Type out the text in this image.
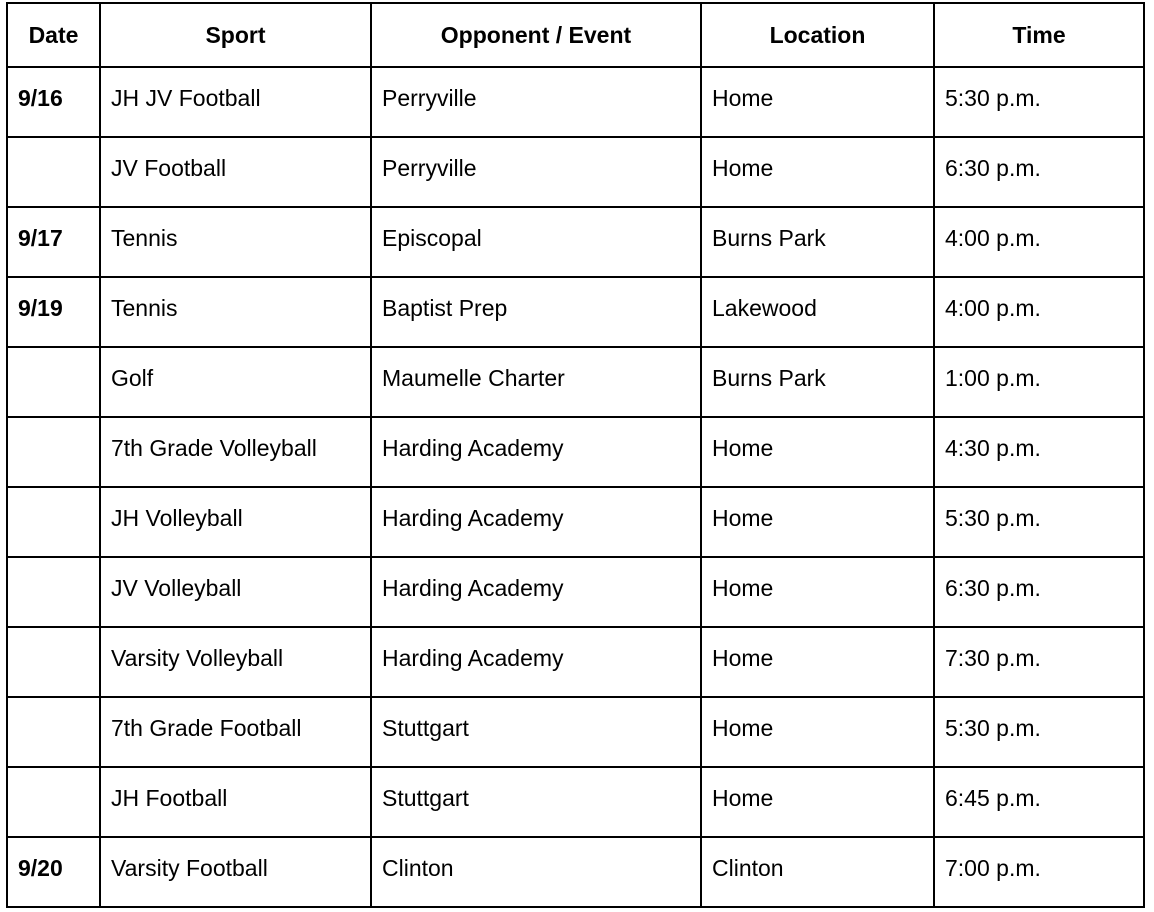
Date	Sport	Opponent / Event	Location	Time
9/16	JH JV Football	Perryville	Home	5:30 p.m.
	JV Football	Perryville	Home	6:30 p.m.
9/17	Tennis	Episcopal	Burns Park	4:00 p.m.
9/19	Tennis	Baptist Prep	Lakewood	4:00 p.m.
	Golf	Maumelle Charter	Burns Park	1:00 p.m.
	7th Grade Volleyball	Harding Academy	Home	4:30 p.m.
	JH Volleyball	Harding Academy	Home	5:30 p.m.
	JV Volleyball	Harding Academy	Home	6:30 p.m.
	Varsity Volleyball	Harding Academy	Home	7:30 p.m.
	7th Grade Football	Stuttgart	Home	5:30 p.m.
	JH Football	Stuttgart	Home	6:45 p.m.
9/20	Varsity Football	Clinton	Clinton	7:00 p.m.
